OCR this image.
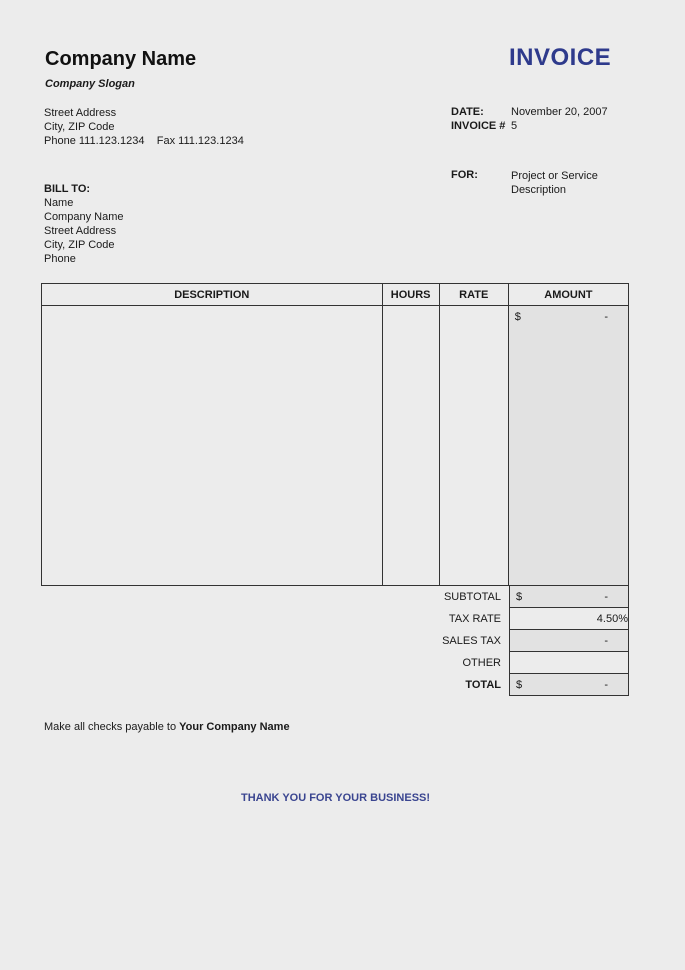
Company Name
Company Slogan
INVOICE
Street Address
City, ZIP Code
Phone 111.123.1234 Fax 111.123.1234
DATE: November 20, 2007
INVOICE # 5
FOR:	Project or Service
Description
BILL TO:
Name
Company Name
Street Address
City, ZIP Code
Phone
DESCRIPTION	HOURS	RATE	AMOUNT

			$ -
SUBTOTAL	$ -

TAX RATE	4.50%
SALES TAX	-

OTHER	
TOTAL	$ -
Make all checks payable to Your Company Name
THANK YOU FOR YOUR BUSINESS!
